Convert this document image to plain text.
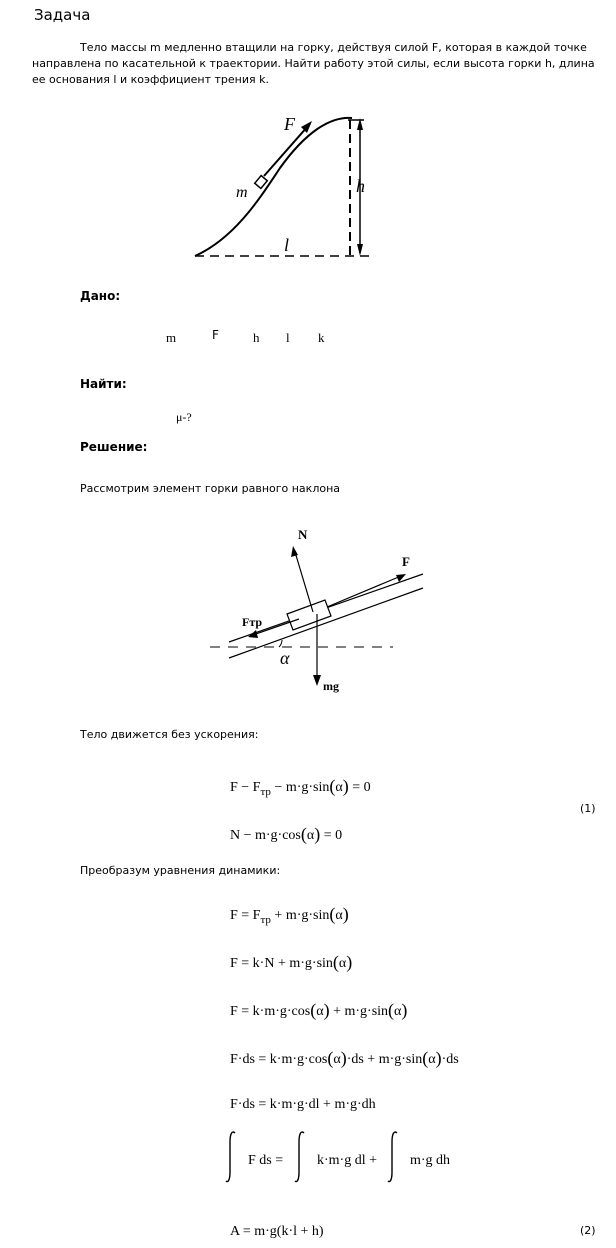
Задача
Тело массы m медленно втащили на горку, действуя силой F, которая в каждой точке направлена по касательной к траектории. Найти работу этой силы, если высота горки h, длина ее основания l и коэффициент трения k.
F
m	h
l
Дано:
m	F	h l k
Найти:
μ-?
Решение:
Рассмотрим элемент горки равного наклона
N
F
Fтр
α
mg
Тело движется без ускорения:
$F - F_{тр} - m\cdot g\cdot\sin(\alpha) = 0$
(1)
N − m·g·cos(α) = 0
Преобразум уравнения динамики:
$F = F_{тр} + m\cdot g\cdot\sin(\alpha)$
F = k·N + m·g·sin(α)
F = k·m·g·cos(α) + m·g·sin(α)
F·ds = k·m·g·cos(α)·ds + m·g·sin(α)·ds
F·ds = k·m·g·dl + m·g·dh
F ds = k·m·g dl + m·g dh
A = m·g(k·l + h)	(2)
